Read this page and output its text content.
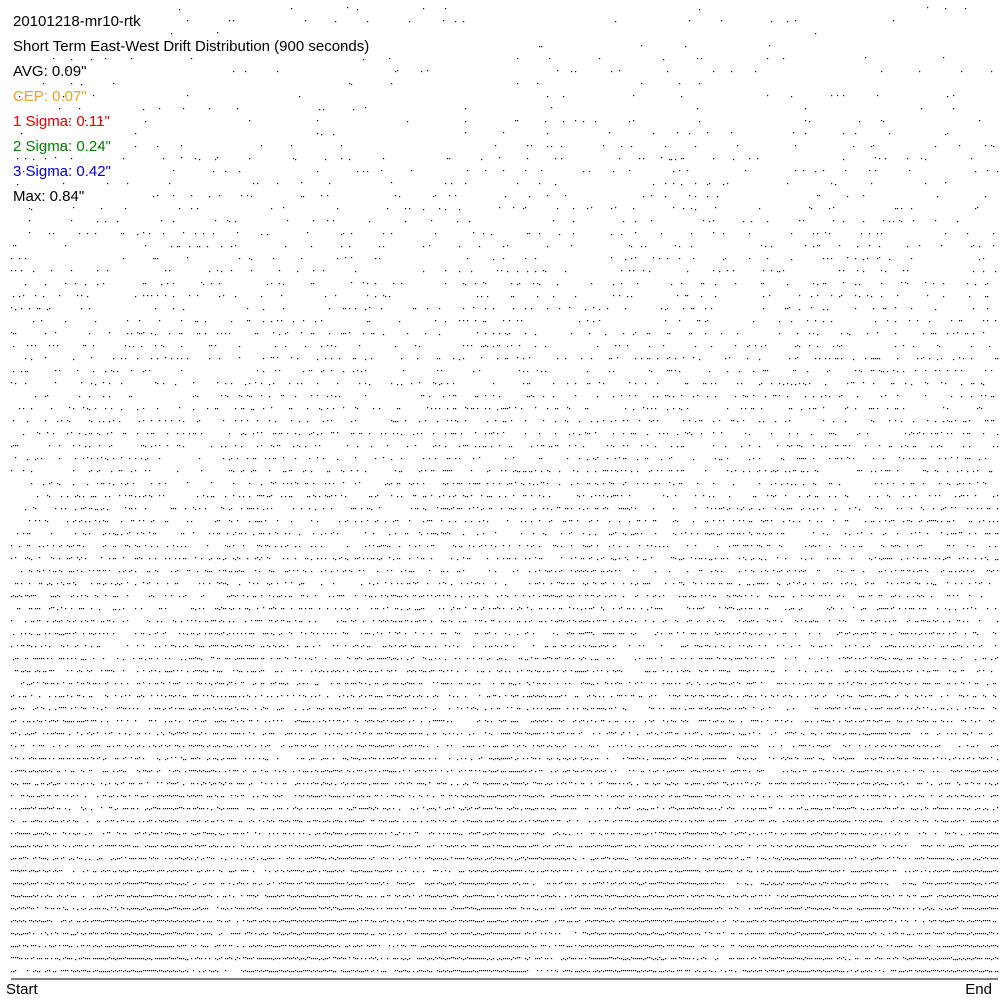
20101218-mr10-rtk
Short Term East-West Drift Distribution (900 seconds)
AVG: 0.09"
CEP: 0.07"
1 Sigma: 0.11"
2 Sigma: 0.24"
3 Sigma: 0.42"
Max: 0.84"
Start	End
